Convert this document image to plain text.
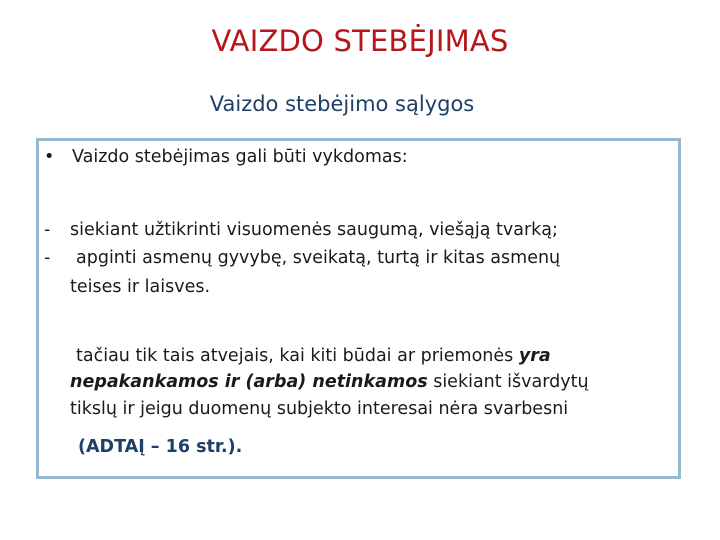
VAIZDO STEBĖJIMAS
Vaizdo stebėjimo sąlygos
• Vaizdo stebėjimas gali būti vykdomas:
- siekiant užtikrinti visuomenės saugumą, viešąją tvarką;
- apginti asmenų gyvybę, sveikatą, turtą ir kitas asmenų
teises ir laisves.
tačiau tik tais atvejais, kai kiti būdai ar priemonės yra
nepakankamos ir (arba) netinkamos siekiant išvardytų
tikslų ir jeigu duomenų subjekto interesai nėra svarbesni
(ADTAĮ – 16 str.).
